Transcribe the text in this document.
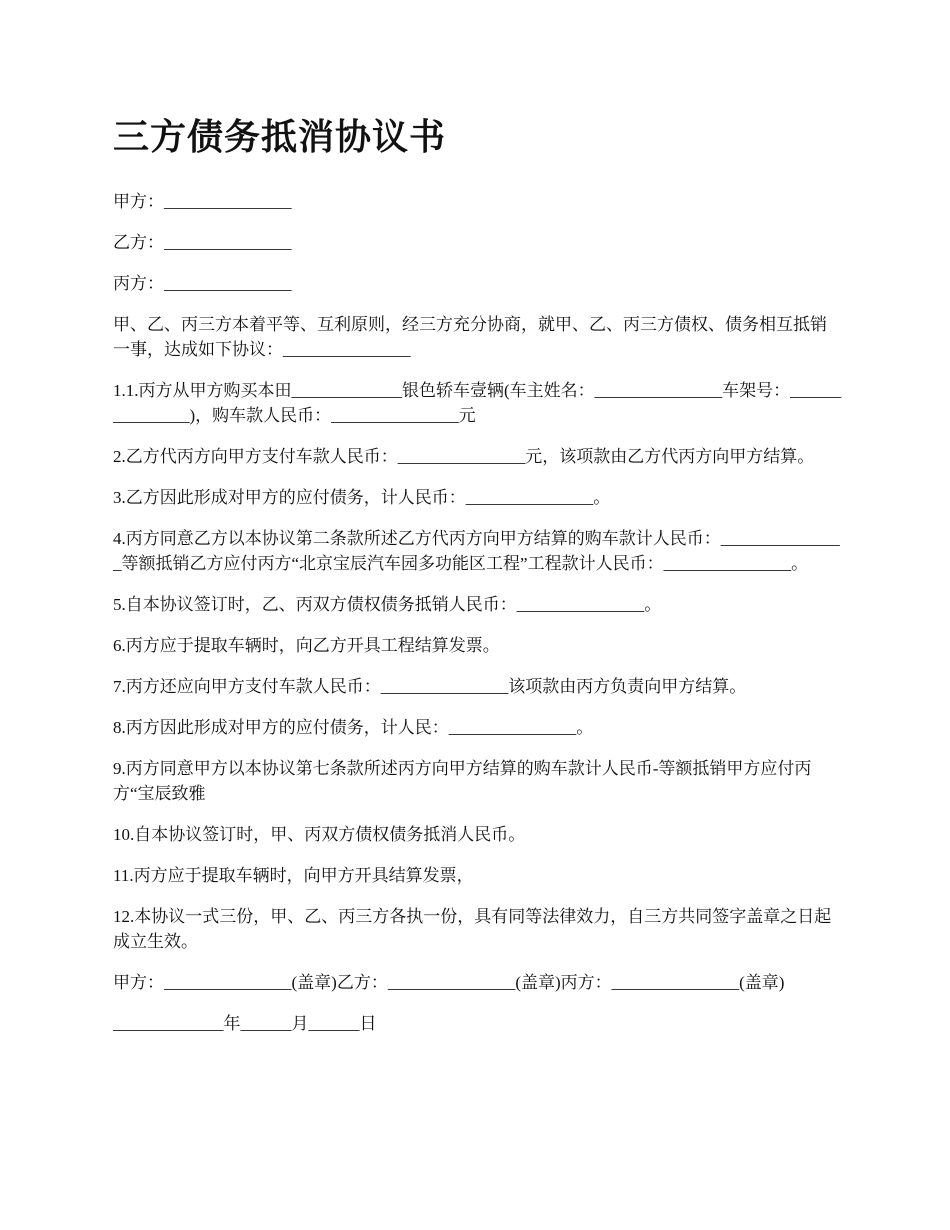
三方债务抵消协议书

甲方：_______________

乙方：_______________

丙方：_______________

甲、乙、丙三方本着平等、互利原则，经三方充分协商，就甲、乙、丙三方债权、债务相互抵销一事，达成如下协议：_______________

1.1.丙方从甲方购买本田_____________银色轿车壹辆(车主姓名：_______________车架号：_______________)，购车款人民币：_______________元

2.乙方代丙方向甲方支付车款人民币：_______________元，该项款由乙方代丙方向甲方结算。

3.乙方因此形成对甲方的应付债务，计人民币：_______________。

4.丙方同意乙方以本协议第二条款所述乙方代丙方向甲方结算的购车款计人民币：_______________等额抵销乙方应付丙方“北京宝辰汽车园多功能区工程”工程款计人民币：_______________。

5.自本协议签订时，乙、丙双方债权债务抵销人民币：_______________。

6.丙方应于提取车辆时，向乙方开具工程结算发票。

7.丙方还应向甲方支付车款人民币：_______________该项款由丙方负责向甲方结算。

8.丙方因此形成对甲方的应付债务，计人民：_______________。

9.丙方同意甲方以本协议第七条款所述丙方向甲方结算的购车款计人民币-等额抵销甲方应付丙方“宝辰致雅

10.自本协议签订时，甲、丙双方债权债务抵消人民币。

11.丙方应于提取车辆时，向甲方开具结算发票，

12.本协议一式三份，甲、乙、丙三方各执一份，具有同等法律效力，自三方共同签字盖章之日起成立生效。

甲方：_______________(盖章)乙方：_______________(盖章)丙方：_______________(盖章)

_____________年______月______日
